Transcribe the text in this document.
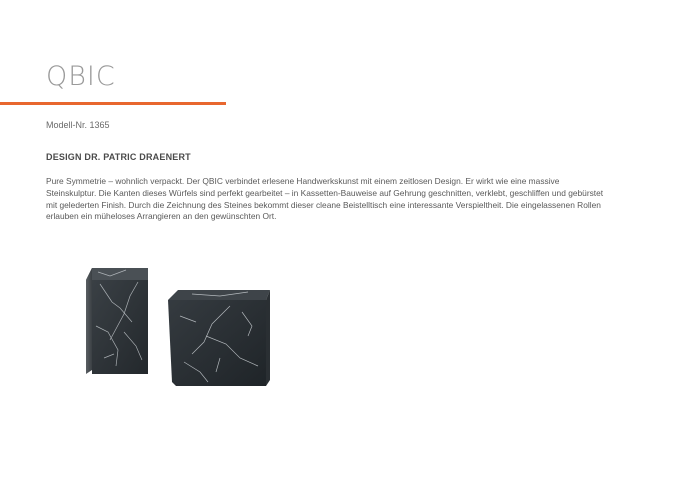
QBIC
Modell-Nr. 1365
DESIGN DR. PATRIC DRAENERT

Pure Symmetrie – wohnlich verpackt. Der QBIC verbindet erlesene Handwerkskunst mit einem zeitlosen Design. Er wirkt wie eine massive Steinskulptur. Die Kanten dieses Würfels sind perfekt gearbeitet – in Kassetten-Bauweise auf Gehrung geschnitten, verklebt, geschliffen und gebürstet mit gelederten Finish. Durch die Zeichnung des Steines bekommt dieser cleane Beistelltisch eine interessante Verspieltheit. Die eingelassenen Rollen erlauben ein müheloses Arrangieren an den gewünschten Ort.
